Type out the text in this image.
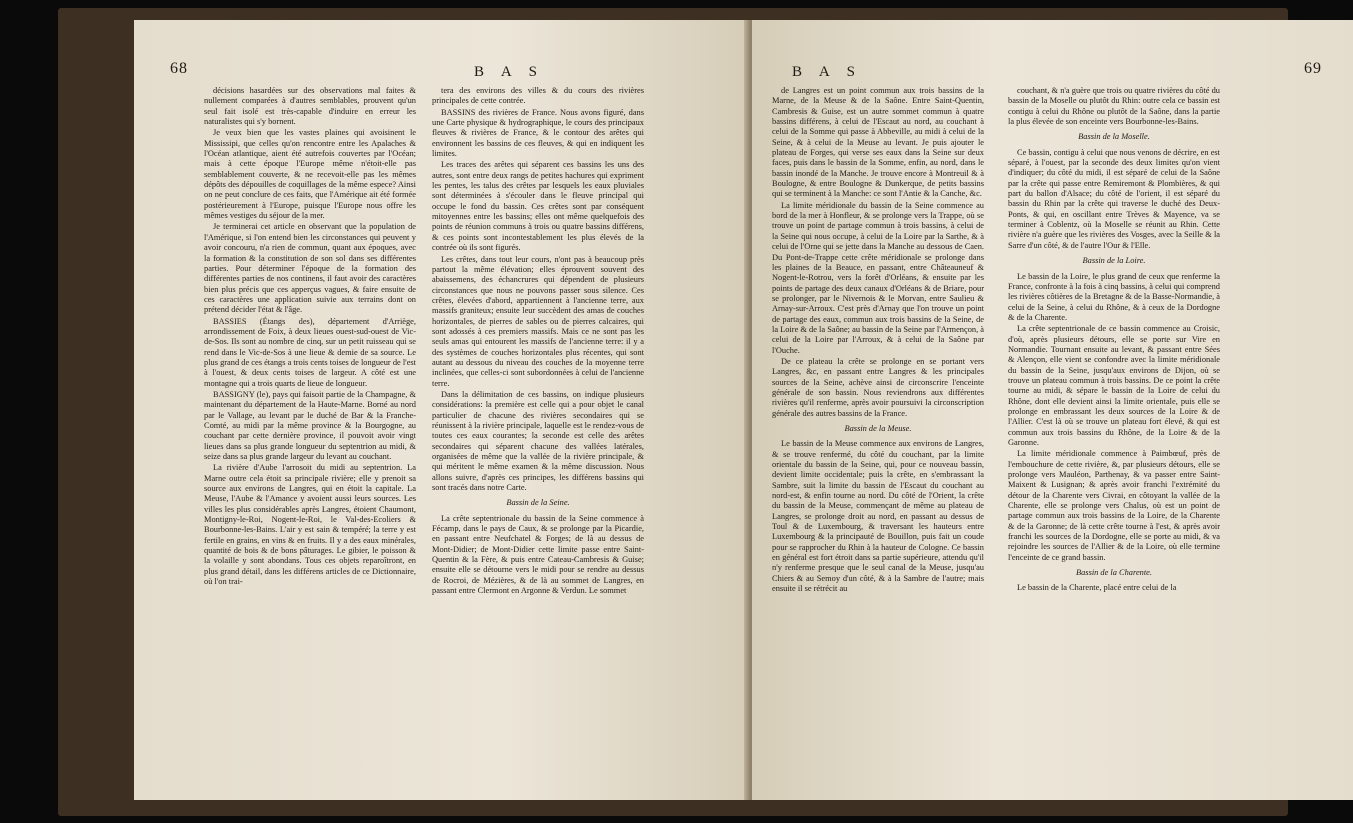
68	B A S

décisions hasardées sur des observations mal faites & nullement comparées à d'autres semblables, prouvent qu'un seul fait isolé est très-capable d'induire en erreur les naturalistes qui s'y bornent.

Je veux bien que les vastes plaines qui avoisinent le Mississipi, que celles qu'on rencontre entre les Apalaches & l'Océan atlantique, aient été autrefois couvertes par l'Océan; mais à cette époque l'Europe même n'étoit-elle pas semblablement couverte, & ne recevoit-elle pas les mêmes dépôts des dépouilles de coquillages de la même espece? Ainsi on ne peut conclure de ces faits, que l'Amérique ait été formée postérieurement à l'Europe, puisque l'Europe nous offre les mêmes vestiges du séjour de la mer.

Je terminerai cet article en observant que la population de l'Amérique, si l'on entend bien les circonstances qui peuvent y avoir concouru, n'a rien de commun, quant aux époques, avec la formation & la constitution de son sol dans ses différentes parties. Pour déterminer l'époque de la formation des différentes parties de nos continens, il faut avoir des caractères bien plus précis que ces apperçus vagues, & faire ensuite de ces caractères une application suivie aux terrains dont on prétend décider l'état & l'âge.

BASSIES (Étangs des), département d'Arriège, arrondissement de Foix, à deux lieues ouest-sud-ouest de Vic-de-Sos. Ils sont au nombre de cinq, sur un petit ruisseau qui se rend dans le Vic-de-Sos à une lieue & demie de sa source. Le plus grand de ces étangs a trois cents toises de longueur de l'est à l'ouest, & deux cents toises de largeur. A côté est une montagne qui a trois quarts de lieue de longueur.

BASSIGNY (le), pays qui faisoit partie de la Champagne, & maintenant du département de la Haute-Marne. Borné au nord par le Vallage, au levant par le duché de Bar & la Franche-Comté, au midi par la même province & la Bourgogne, au couchant par cette dernière province, il pouvoit avoir vingt lieues dans sa plus grande longueur du septentrion au midi, & seize dans sa plus grande largeur du levant au couchant.

La rivière d'Aube l'arrosoit du midi au septentrion. La Marne outre cela étoit sa principale rivière; elle y prenoit sa source aux environs de Langres, qui en étoit la capitale. La Meuse, l'Aube & l'Amance y avoient aussi leurs sources. Les villes les plus considérables après Langres, étoient Chaumont, Montigny-le-Roi, Nogent-le-Roi, le Val-des-Ecoliers & Bourbonne-les-Bains. L'air y est sain & tempéré; la terre y est fertile en grains, en vins & en fruits. Il y a des eaux minérales, quantité de bois & de bons pâturages. Le gibier, le poisson & la volaille y sont abondans. Tous ces objets reparoîtront, en plus grand détail, dans les différens articles de ce Dictionnaire, où l'on trai-

tera des environs des villes & du cours des rivières principales de cette contrée.

BASSINS des rivières de France. Nous avons figuré, dans une Carte physique & hydrographique, le cours des principaux fleuves & rivières de France, & le contour des arêtes qui environnent les bassins de ces fleuves, & qui en indiquent les limites.

Les traces des arêtes qui séparent ces bassins les uns des autres, sont entre deux rangs de petites hachures qui expriment les pentes, les talus des crêtes par lesquels les eaux pluviales sont déterminées à s'écouler dans le fleuve principal qui occupe le fond du bassin. Ces crêtes sont par conséquent mitoyennes entre les bassins; elles ont même quelquefois des points de réunion communs à trois ou quatre bassins différens, & ces points sont incontestablement les plus élevés de la contrée où ils sont figurés.

Les crêtes, dans tout leur cours, n'ont pas à beaucoup près partout la même élévation; elles éprouvent souvent des abaissemens, des échancrures qui dépendent de plusieurs circonstances que nous ne pouvons passer sous silence. Ces crêtes, élevées d'abord, appartiennent à l'ancienne terre, aux massifs graniteux; ensuite leur succèdent des amas de couches horizontales, de pierres de sables ou de pierres calcaires, qui sont adossés à ces premiers massifs. Mais ce ne sont pas les seuls amas qui entourent les massifs de l'ancienne terre: il y a des systèmes de couches horizontales plus récentes, qui sont autant au dessous du niveau des couches de la moyenne terre inclinées, que celles-ci sont subordonnées à celui de l'ancienne terre.

Dans la délimitation de ces bassins, on indique plusieurs considérations: la première est celle qui a pour objet le canal particulier de chacune des rivières secondaires qui se réunissent à la rivière principale, laquelle est le rendez-vous de toutes ces eaux courantes; la seconde est celle des arêtes secondaires qui séparent chacune des vallées latérales, organisées de même que la vallée de la rivière principale, & qui méritent le même examen & la même discussion. Nous allons suivre, d'après ces principes, les différens bassins qui sont tracés dans notre Carte.

Bassin de la Seine.

La crête septentrionale du bassin de la Seine commence à Fécamp, dans le pays de Caux, & se prolonge par la Picardie, en passant entre Neufchatel & Forges; de là au dessus de Mont-Didier; de Mont-Didier cette limite passe entre Saint-Quentin & la Fère, & puis entre Cateau-Cambresis & Guise; ensuite elle se détourne vers le midi pour se rendre au dessus de Rocroi, de Mézières, & de là au sommet de Langres, en passant entre Clermont en Argonne & Verdun. Le sommet

B A S	69

de Langres est un point commun aux trois bassins de la Marne, de la Meuse & de la Saône. Entre Saint-Quentin, Cambresis & Guise, est un autre sommet commun à quatre bassins différens, à celui de l'Escaut au nord, au couchant à celui de la Somme qui passe à Abbeville, au midi à celui de la Seine, & à celui de la Meuse au levant. Je puis ajouter le plateau de Forges, qui verse ses eaux dans la Seine sur deux faces, puis dans le bassin de la Somme, enfin, au nord, dans le bassin inondé de la Manche. Je trouve encore à Montreuil & à Boulogne, & entre Boulogne & Dunkerque, de petits bassins qui se terminent à la Manche: ce sont l'Antie & la Canche, &c.

La limite méridionale du bassin de la Seine commence au bord de la mer à Honfleur, & se prolonge vers la Trappe, où se trouve un point de partage commun à trois bassins, à celui de la Seine qui nous occupe, à celui de la Loire par la Sarthe, & à celui de l'Orne qui se jette dans la Manche au dessous de Caen. Du Pont-de-Trappe cette crête méridionale se prolonge dans les plaines de la Beauce, en passant, entre Châteauneuf & Nogent-le-Rotrou, vers la forêt d'Orléans, & ensuite par les points de partage des deux canaux d'Orléans & de Briare, pour se prolonger, par le Nivernois & le Morvan, entre Saulieu & Arnay-sur-Arroux. C'est près d'Arnay que l'on trouve un point de partage des eaux, commun aux trois bassins de la Seine, de la Loire & de la Saône; au bassin de la Seine par l'Armençon, à celui de la Loire par l'Arroux, & à celui de la Saône par l'Ouche.

De ce plateau la crête se prolonge en se portant vers Langres, &c, en passant entre Langres & les principales sources de la Seine, achève ainsi de circonscrire l'enceinte générale de son bassin. Nous reviendrons aux différentes rivières qu'il renferme, après avoir poursuivi la circonscription générale des autres bassins de la France.

Bassin de la Meuse.

Le bassin de la Meuse commence aux environs de Langres, & se trouve renfermé, du côté du couchant, par la limite orientale du bassin de la Seine, qui, pour ce nouveau bassin, devient limite occidentale; puis la crête, en s'embrassant la Sambre, suit la limite du bassin de l'Escaut du couchant au nord-est, & enfin tourne au nord. Du côté de l'Orient, la crête du bassin de la Meuse, commençant de même au plateau de Langres, se prolonge droit au nord, en passant au dessus de Toul & de Luxembourg, & traversant les hauteurs entre Luxembourg & la principauté de Bouillon, puis fait un coude pour se rapprocher du Rhin à la hauteur de Cologne. Ce bassin en général est fort étroit dans sa partie supérieure, attendu qu'il n'y renferme presque que le seul canal de la Meuse, jusqu'au Chiers & au Semoy d'un côté, & à la Sambre de l'autre; mais ensuite il se rétrécit au

couchant, & n'a guère que trois ou quatre rivières du côté du bassin de la Moselle ou plutôt du Rhin: outre cela ce bassin est contigu à celui du Rhône ou plutôt de la Saône, dans la partie la plus élevée de son enceinte vers Bourbonne-les-Bains.

Bassin de la Moselle.

Ce bassin, contigu à celui que nous venons de décrire, en est séparé, à l'ouest, par la seconde des deux limites qu'on vient d'indiquer; du côté du midi, il est séparé de celui de la Saône par la crête qui passe entre Remiremont & Plombières, & qui part du ballon d'Alsace; du côté de l'orient, il est séparé du bassin du Rhin par la crête qui traverse le duché des Deux-Ponts, & qui, en oscillant entre Trèves & Mayence, va se terminer à Coblentz, où la Moselle se réunit au Rhin. Cette rivière n'a guère que les rivières des Vosges, avec la Seille & la Sarre d'un côté, & de l'autre l'Our & l'Elle.

Bassin de la Loire.

Le bassin de la Loire, le plus grand de ceux que renferme la France, confronte à la fois à cinq bassins, à celui qui comprend les rivières côtières de la Bretagne & de la Basse-Normandie, à celui de la Seine, à celui du Rhône, & à ceux de la Dordogne & de la Charente.

La crête septentrionale de ce bassin commence au Croisic, d'où, après plusieurs détours, elle se porte sur Vire en Normandie. Tournant ensuite au levant, & passant entre Sées & Alençon, elle vient se confondre avec la limite méridionale du bassin de la Seine, jusqu'aux environs de Dijon, où se trouve un plateau commun à trois bassins. De ce point la crête tourne au midi, & sépare le bassin de la Loire de celui du Rhône, dont elle devient ainsi la limite orientale, puis elle se prolonge en embrassant les deux sources de la Loire & de l'Allier. C'est là où se trouve un plateau fort élevé, & qui est commun aux trois bassins du Rhône, de la Loire & de la Garonne.

La limite méridionale commence à Paimbœuf, près de l'embouchure de cette rivière, &, par plusieurs détours, elle se prolonge vers Mauléon, Parthenay, & va passer entre Saint-Maixent & Lusignan; & après avoir franchi l'extrémité du détour de la Charente vers Civrai, en côtoyant la vallée de la Charente, elle se prolonge vers Chalus, où est un point de partage commun aux trois bassins de la Loire, de la Charente & de la Garonne; de là cette crête tourne à l'est, & après avoir franchi les sources de la Dordogne, elle se porte au midi, & va rejoindre les sources de l'Allier & de la Loire, où elle termine l'enceinte de ce grand bassin.

Bassin de la Charente.

Le bassin de la Charente, placé entre celui de la
